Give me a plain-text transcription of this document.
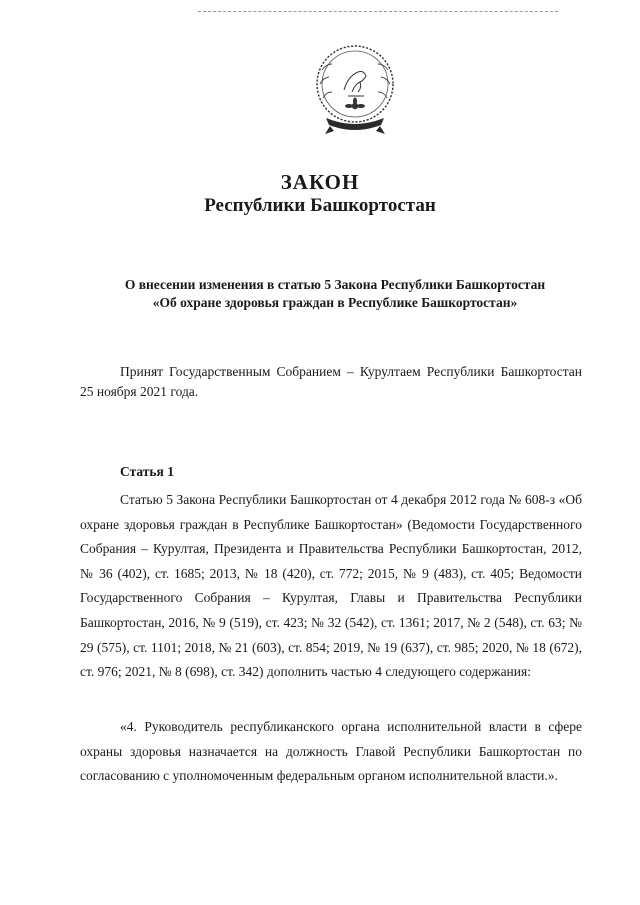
ЗАКОН
Республики Башкортостан
О внесении изменения в статью 5 Закона Республики Башкортостан
«Об охране здоровья граждан в Республике Башкортостан»

Принят Государственным Собранием – Курултаем Республики Башкортостан 25 ноября 2021 года.

Статья 1

Статью 5 Закона Республики Башкортостан от 4 декабря 2012 года № 608-з «Об охране здоровья граждан в Республике Башкортостан» (Ведомости Государственного Собрания – Курултая, Президента и Правительства Республики Башкортостан, 2012, № 36 (402), ст. 1685; 2013, № 18 (420), ст. 772; 2015, № 9 (483), ст. 405; Ведомости Государственного Собрания – Курултая, Главы и Правительства Республики Башкортостан, 2016, № 9 (519), ст. 423; № 32 (542), ст. 1361; 2017, № 2 (548), ст. 63; № 29 (575), ст. 1101; 2018, № 21 (603), ст. 854; 2019, № 19 (637), ст. 985; 2020, № 18 (672), ст. 976; 2021, № 8 (698), ст. 342) дополнить частью 4 следующего содержания:

«4. Руководитель республиканского органа исполнительной власти в сфере охраны здоровья назначается на должность Главой Республики Башкортостан по согласованию с уполномоченным федеральным органом исполнительной власти.».
